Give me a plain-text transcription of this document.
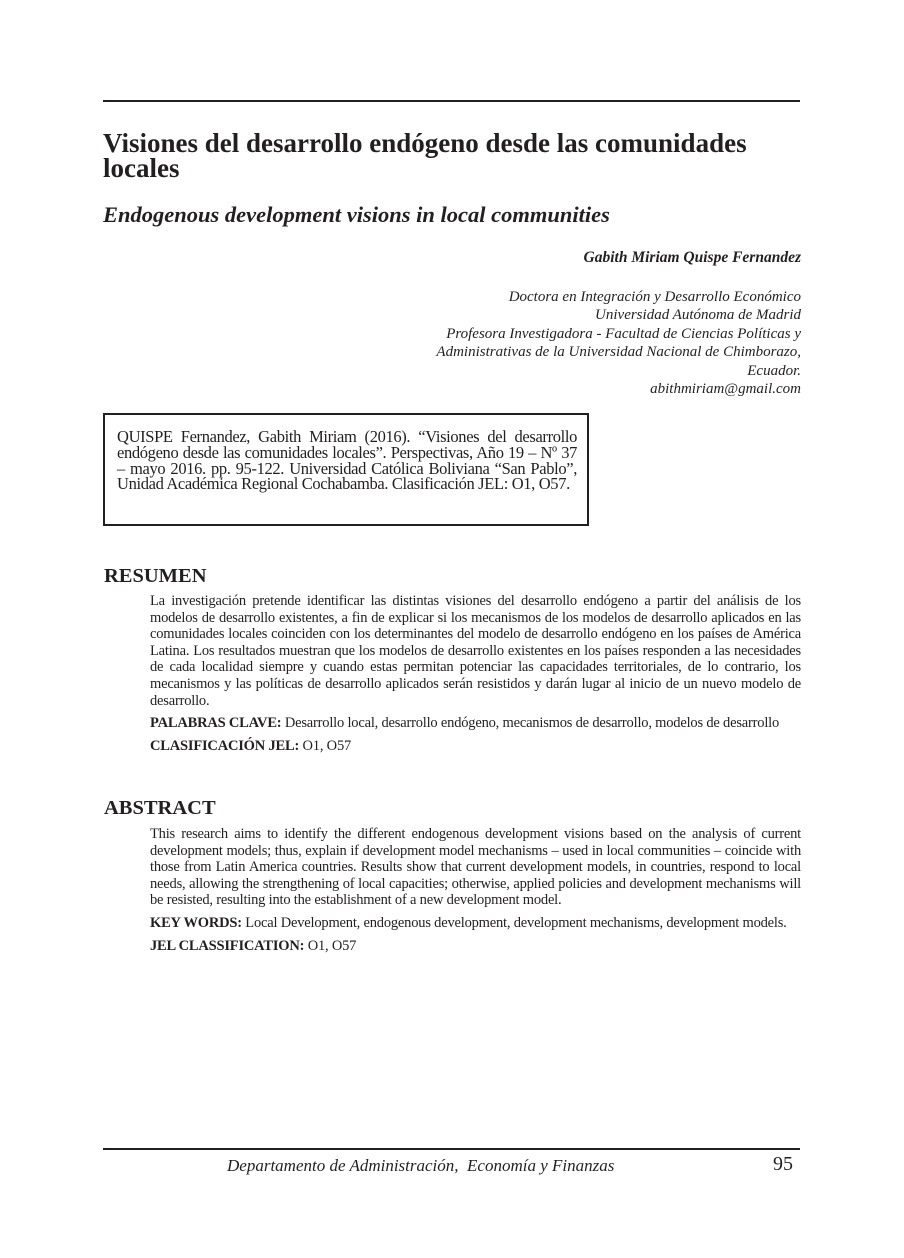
Visiones del desarrollo endógeno desde las comunidades locales
Endogenous development visions in local communities

Gabith Miriam Quispe Fernandez

Doctora en Integración y Desarrollo Económico
Universidad Autónoma de Madrid
Profesora Investigadora - Facultad de Ciencias Políticas y
Administrativas de la Universidad Nacional de Chimborazo,
Ecuador.
abithmiriam@gmail.com

QUISPE Fernandez, Gabith Miriam (2016). “Visiones del desarrollo endógeno desde las comunidades locales”. Perspectivas, Año 19 – Nº 37 – mayo 2016. pp. 95-122. Universidad Católica Boliviana “San Pablo”, Unidad Académica Regional Cochabamba. Clasificación JEL: O1, O57.

RESUMEN

La investigación pretende identificar las distintas visiones del desarrollo endógeno a partir del análisis de los modelos de desarrollo existentes, a fin de explicar si los mecanismos de los modelos de desarrollo aplicados en las comunidades locales coinciden con los determinantes del modelo de desarrollo endógeno en los países de América Latina. Los resultados muestran que los modelos de desarrollo existentes en los países responden a las necesidades de cada localidad siempre y cuando estas permitan potenciar las capacidades territoriales, de lo contrario, los mecanismos y las políticas de desarrollo aplicados serán resistidos y darán lugar al inicio de un nuevo modelo de desarrollo.

PALABRAS CLAVE: Desarrollo local, desarrollo endógeno, mecanismos de desarrollo, modelos de desarrollo

CLASIFICACIÓN JEL: O1, O57

ABSTRACT

This research aims to identify the different endogenous development visions based on the analysis of current development models; thus, explain if development model mechanisms – used in local communities – coincide with those from Latin America countries. Results show that current development models, in countries, respond to local needs, allowing the strengthening of local capacities; otherwise, applied policies and development mechanisms will be resisted, resulting into the establishment of a new development model.

KEY WORDS: Local Development, endogenous development, development mechanisms, development models.

JEL CLASSIFICATION: O1, O57

Departamento de Administración,  Economía y Finanzas	95
